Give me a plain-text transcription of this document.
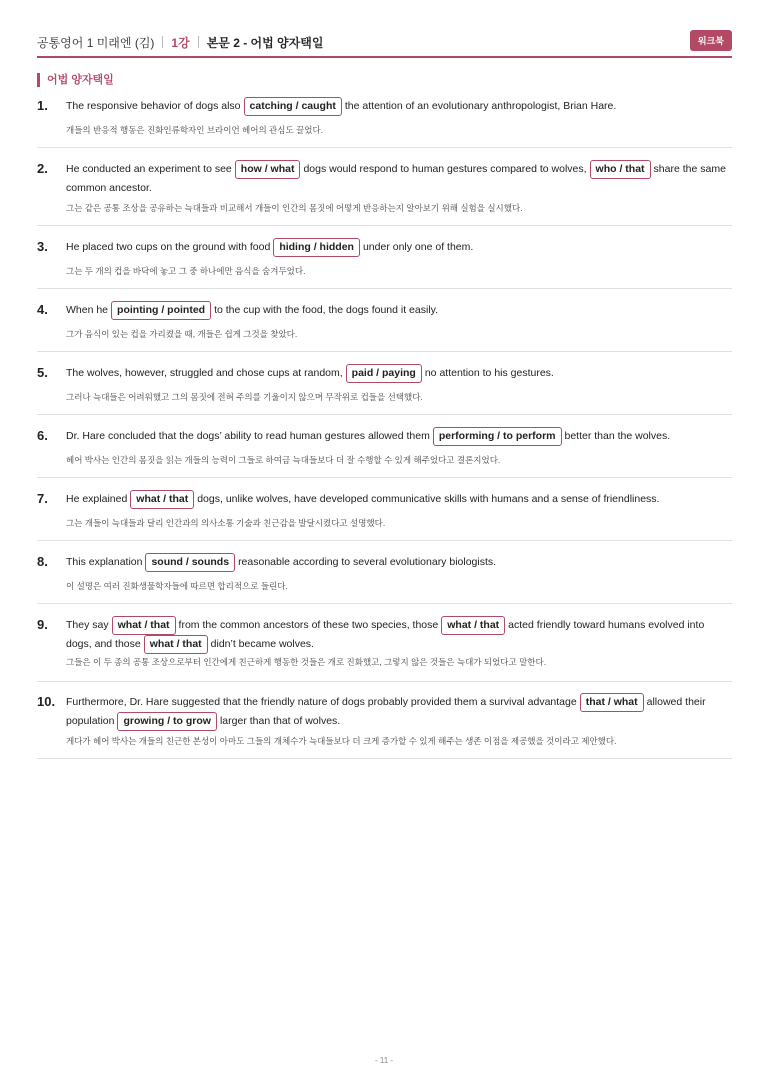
공통영어 1 미래엔 (김) 1강 본문 2 - 어법 양자택일	워크북
어법 양자택일
1. The responsive behavior of dogs also catching / caught the attention of an evolutionary anthropologist, Brian Hare.
개들의 반응적 행동은 진화인류학자인 브라이언 헤어의 관심도 끌었다.
2. He conducted an experiment to see how / what dogs would respond to human gestures compared to wolves, who / that share the same common ancestor.
그는 같은 공통 조상을 공유하는 늑대들과 비교해서 개들이 인간의 몸짓에 어떻게 반응하는지 알아보기 위해 실험을 실시했다.
3. He placed two cups on the ground with food hiding / hidden under only one of them.
그는 두 개의 컵을 바닥에 놓고 그 중 하나에만 음식을 숨겨두었다.
4. When he pointing / pointed to the cup with the food, the dogs found it easily.
그가 음식이 있는 컵을 가리켰을 때, 개들은 쉽게 그것을 찾았다.
5. The wolves, however, struggled and chose cups at random, paid / paying no attention to his gestures.
그러나 늑대들은 어려워했고 그의 몸짓에 전혀 주의를 기울이지 않으며 무작위로 컵들을 선택했다.
6. Dr. Hare concluded that the dogs’ ability to read human gestures allowed them performing / to perform better than the wolves.
헤어 박사는 인간의 몸짓을 읽는 개들의 능력이 그들로 하여금 늑대들보다 더 잘 수행할 수 있게 해주었다고 결론지었다.
7. He explained what / that dogs, unlike wolves, have developed communicative skills with humans and a sense of friendliness.
그는 개들이 늑대들과 달리 인간과의 의사소통 기술과 친근감을 발달시켰다고 설명했다.
8. This explanation sound / sounds reasonable according to several evolutionary biologists.
이 설명은 여러 진화생물학자들에 따르면 합리적으로 들린다.
9. They say what / that from the common ancestors of these two species, those what / that acted friendly toward humans evolved into dogs, and those what / that didn’t became wolves.
그들은 이 두 종의 공통 조상으로부터 인간에게 친근하게 행동한 것들은 개로 진화했고, 그렇지 않은 것들은 늑대가 되었다고 말한다.
10. Furthermore, Dr. Hare suggested that the friendly nature of dogs probably provided them a survival advantage that / what allowed their population growing / to grow larger than that of wolves.
게다가 헤어 박사는 개들의 친근한 본성이 아마도 그들의 개체수가 늑대들보다 더 크게 증가할 수 있게 해주는 생존 이점을 제공했을 것이라고 제안했다.
- 11 -
